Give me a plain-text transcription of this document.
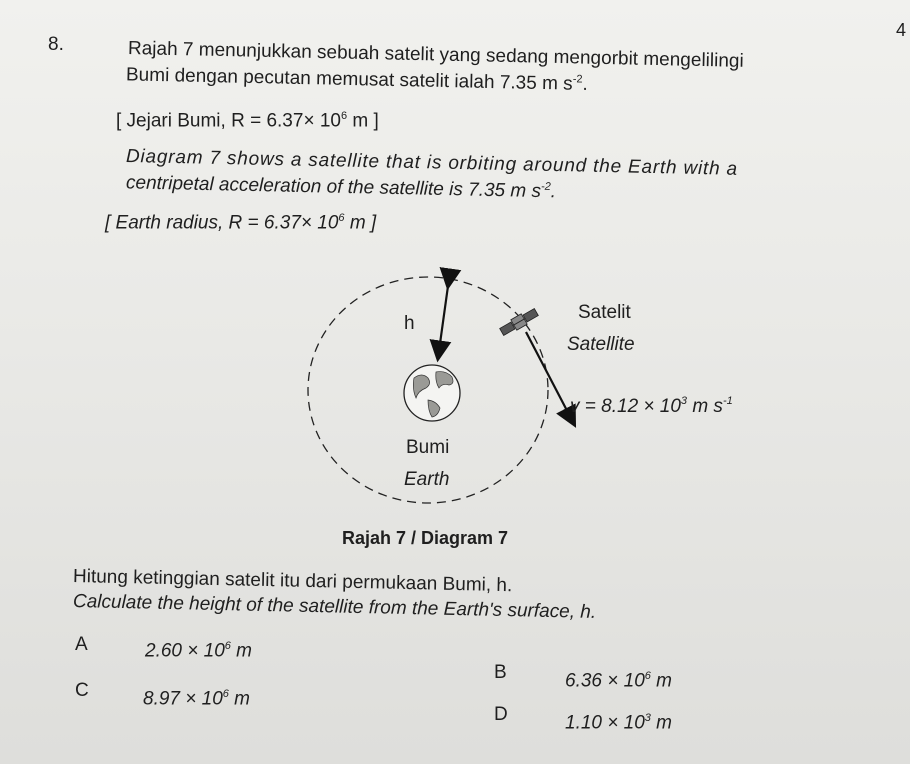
4
8.	Rajah 7 menunjukkan sebuah satelit yang sedang mengorbit mengelilingi
Bumi dengan pecutan memusat satelit ialah 7.35 m $s^{-2}$.
[ Jejari Bumi, $R = 6.37\times 10^6$ m ]
Diagram 7 shows a satellite that is orbiting around the Earth with a
centripetal acceleration of the satellite is 7.35 m $s^{-2}$.
[ Earth radius, $R = 6.37\times 10^6$ m ]
h
Satelit
Satellite
$v = 8.12 \times 10^3$ m $s^{-1}$
Bumi
Earth
Rajah 7 / Diagram 7
Hitung ketinggian satelit itu dari permukaan Bumi, h.
Calculate the height of the satellite from the Earth's surface, h.
A	$2.60 \times 10^6$ m
B	$6.36 \times 10^6$ m
C	$8.97 \times 10^6$ m
D	$1.10 \times 10^3$ m
